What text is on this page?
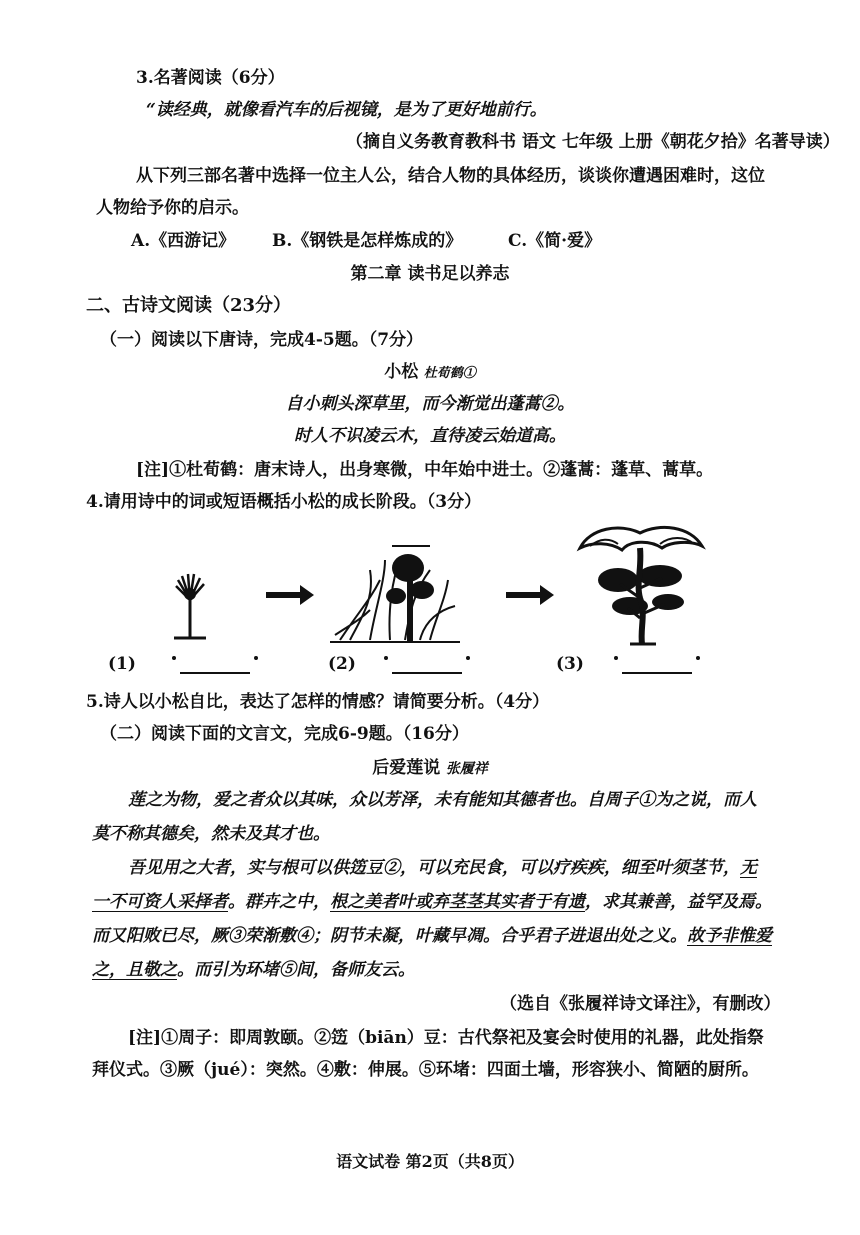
3.名著阅读（6分）
“读经典，就像看汽车的后视镜，是为了更好地前行。
（摘自义务教育教科书 语文 七年级 上册《朝花夕拾》名著导读）
从下列三部名著中选择一位主人公，结合人物的具体经历，谈谈你遭遇困难时，这位
人物给予你的启示。
A.《西游记》 B.《钢铁是怎样炼成的》	C.《简·爱》
第二章 读书足以养志
二、古诗文阅读（23分）
（一）阅读以下唐诗，完成4-5题。（7分）
小松 杜荀鹤①
自小刺头深草里，而今渐觉出蓬蒿②。
时人不识凌云木，直待凌云始道高。
[注]①杜荀鹤：唐末诗人，出身寒微，中年始中进士。②蓬蒿：蓬草、蒿草。
4.请用诗中的词或短语概括小松的成长阶段。（3分）
(1)	(2)	(3)
5.诗人以小松自比，表达了怎样的情感？请简要分析。（4分）
（二）阅读下面的文言文，完成6-9题。（16分）
后爱莲说 张履祥
莲之为物，爱之者众以其味，众以芳泽，未有能知其德者也。自周子①为之说，而人
莫不称其德矣，然未及其才也。
吾见用之大者，实与根可以供笾豆②，可以充民食，可以疗疾疾，细至叶须茎节，无
一不可资人采择者。群卉之中，根之美者叶或弃茎茎其实者于有遗，求其兼善，益罕及焉。
而又阳败已尽，厥③荣渐敷④；阴节未凝，叶藏早凋。合乎君子进退出处之义。故予非惟爱
之，且敬之。而引为环堵⑤间，备师友云。
（选自《张履祥诗文译注》，有删改）
[注]①周子：即周敦颐。②笾（biān）豆：古代祭祀及宴会时使用的礼器，此处指祭
拜仪式。③厥（jué）：突然。④敷：伸展。⑤环堵：四面土墙，形容狭小、简陋的厨所。
语文试卷 第2页（共8页）
